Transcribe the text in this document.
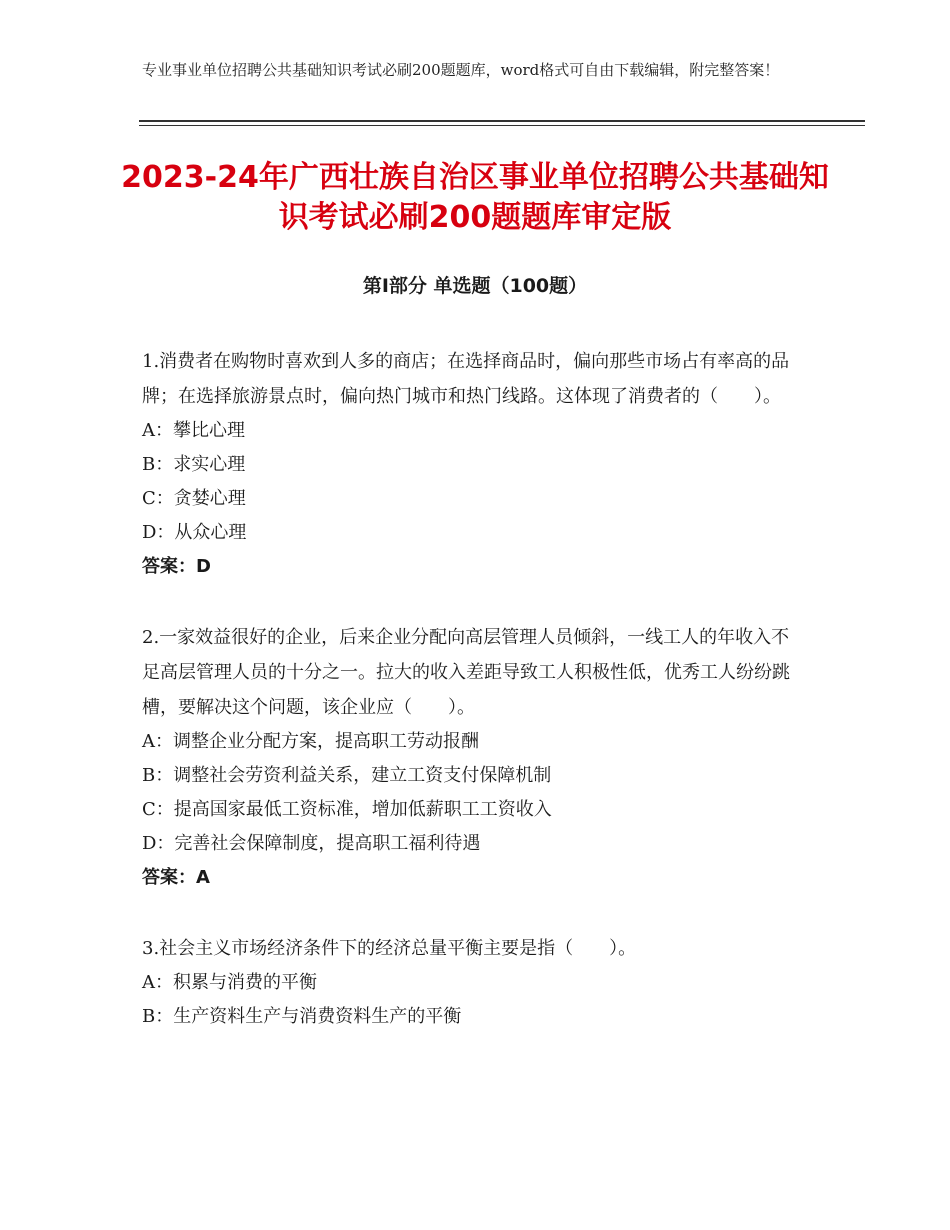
专业事业单位招聘公共基础知识考试必刷200题题库，word格式可自由下载编辑，附完整答案！
2023-24年广西壮族自治区事业单位招聘公共基础知识考试必刷200题题库审定版
第Ⅰ部分 单选题（100题）

1.消费者在购物时喜欢到人多的商店；在选择商品时，偏向那些市场占有率高的品牌；在选择旅游景点时，偏向热门城市和热门线路。这体现了消费者的（　　）。

A：攀比心理

B：求实心理

C：贪婪心理

D：从众心理

答案：D

2.一家效益很好的企业，后来企业分配向高层管理人员倾斜，一线工人的年收入不足高层管理人员的十分之一。拉大的收入差距导致工人积极性低，优秀工人纷纷跳槽，要解决这个问题，该企业应（　　）。

A：调整企业分配方案，提高职工劳动报酬

B：调整社会劳资利益关系，建立工资支付保障机制

C：提高国家最低工资标准，增加低薪职工工资收入

D：完善社会保障制度，提高职工福利待遇

答案：A

3.社会主义市场经济条件下的经济总量平衡主要是指（　　）。

A：积累与消费的平衡

B：生产资料生产与消费资料生产的平衡
